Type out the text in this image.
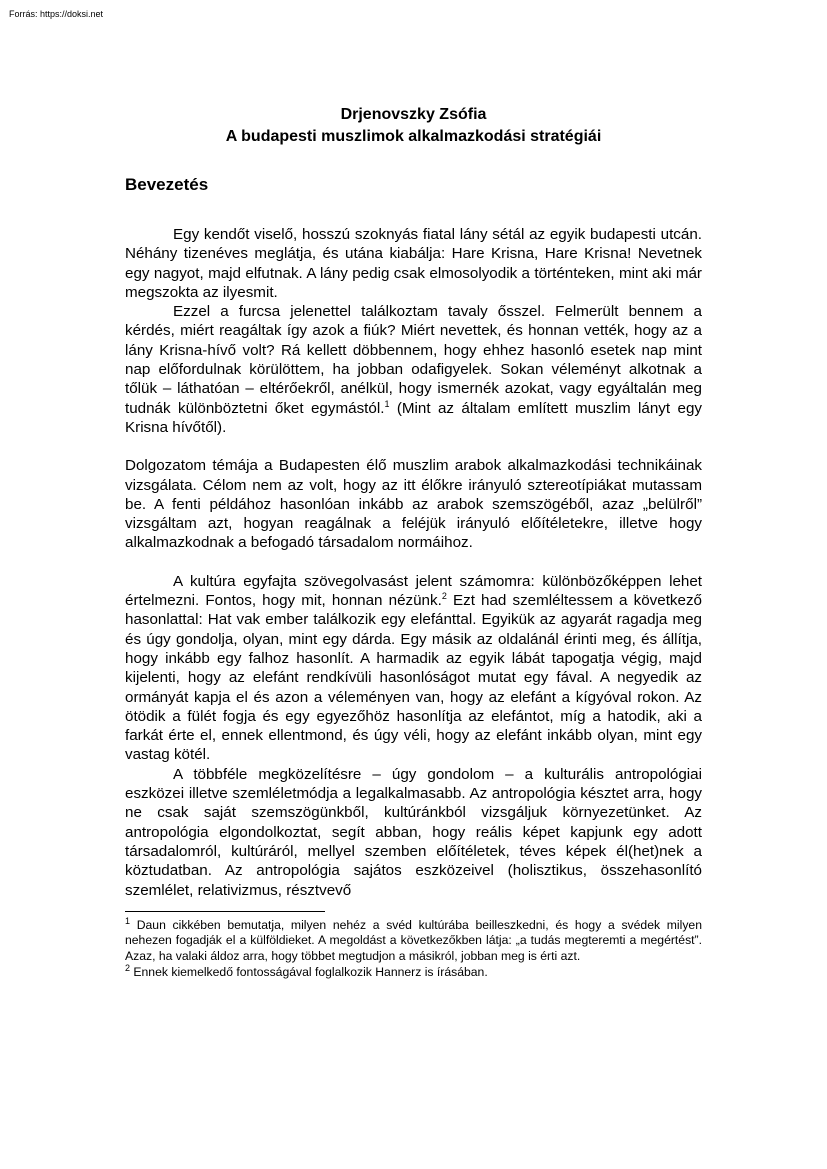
Forrás: https://doksi.net

Drjenovszky Zsófia

A budapesti muszlimok alkalmazkodási stratégiái

Bevezetés

Egy kendőt viselő, hosszú szoknyás fiatal lány sétál az egyik budapesti utcán. Néhány tizenéves meglátja, és utána kiabálja: Hare Krisna, Hare Krisna! Nevetnek egy nagyot, majd elfutnak. A lány pedig csak elmosolyodik a történteken, mint aki már megszokta az ilyesmit.

Ezzel a furcsa jelenettel találkoztam tavaly ősszel. Felmerült bennem a kérdés, miért reagáltak így azok a fiúk? Miért nevettek, és honnan vették, hogy az a lány Krisna-hívő volt? Rá kellett döbbennem, hogy ehhez hasonló esetek nap mint nap előfordulnak körülöttem, ha jobban odafigyelek. Sokan véleményt alkotnak a tőlük – láthatóan – eltérőekről, anélkül, hogy ismernék azokat, vagy egyáltalán meg tudnák különböztetni őket egymástól.$^1$ (Mint az általam említett muszlim lányt egy Krisna hívőtől).

Dolgozatom témája a Budapesten élő muszlim arabok alkalmazkodási technikáinak vizsgálata. Célom nem az volt, hogy az itt élőkre irányuló sztereotípiákat mutassam be. A fenti példához hasonlóan inkább az arabok szemszögéből, azaz „belülről” vizsgáltam azt, hogyan reagálnak a feléjük irányuló előítéletekre, illetve hogy alkalmazkodnak a befogadó társadalom normáihoz.

A kultúra egyfajta szövegolvasást jelent számomra: különbözőképpen lehet értelmezni. Fontos, hogy mit, honnan nézünk.$^2$ Ezt had szemléltessem a következő hasonlattal: Hat vak ember találkozik egy elefánttal. Egyikük az agyarát ragadja meg és úgy gondolja, olyan, mint egy dárda. Egy másik az oldalánál érinti meg, és állítja, hogy inkább egy falhoz hasonlít. A harmadik az egyik lábát tapogatja végig, majd kijelenti, hogy az elefánt rendkívüli hasonlóságot mutat egy fával. A negyedik az ormányát kapja el és azon a véleményen van, hogy az elefánt a kígyóval rokon. Az ötödik a fülét fogja és egy egyezőhöz hasonlítja az elefántot, míg a hatodik, aki a farkát érte el, ennek ellentmond, és úgy véli, hogy az elefánt inkább olyan, mint egy vastag kötél.

A többféle megközelítésre – úgy gondolom – a kulturális antropológiai eszközei illetve szemléletmódja a legalkalmasabb. Az antropológia késztet arra, hogy ne csak saját szemszögünkből, kultúránkból vizsgáljuk környezetünket. Az antropológia elgondolkoztat, segít abban, hogy reális képet kapjunk egy adott társadalomról, kultúráról, mellyel szemben előítéletek, téves képek él(het)nek a köztudatban. Az antropológia sajátos eszközeivel (holisztikus, összehasonlító szemlélet, relativizmus, résztvevő

$^1$ Daun cikkében bemutatja, milyen nehéz a svéd kultúrába beilleszkedni, és hogy a svédek milyen nehezen fogadják el a külföldieket. A megoldást a következőkben látja: „a tudás megteremti a megértést”. Azaz, ha valaki áldoz arra, hogy többet megtudjon a másikról, jobban meg is érti azt.

$^2$ Ennek kiemelkedő fontosságával foglalkozik Hannerz is írásában.
